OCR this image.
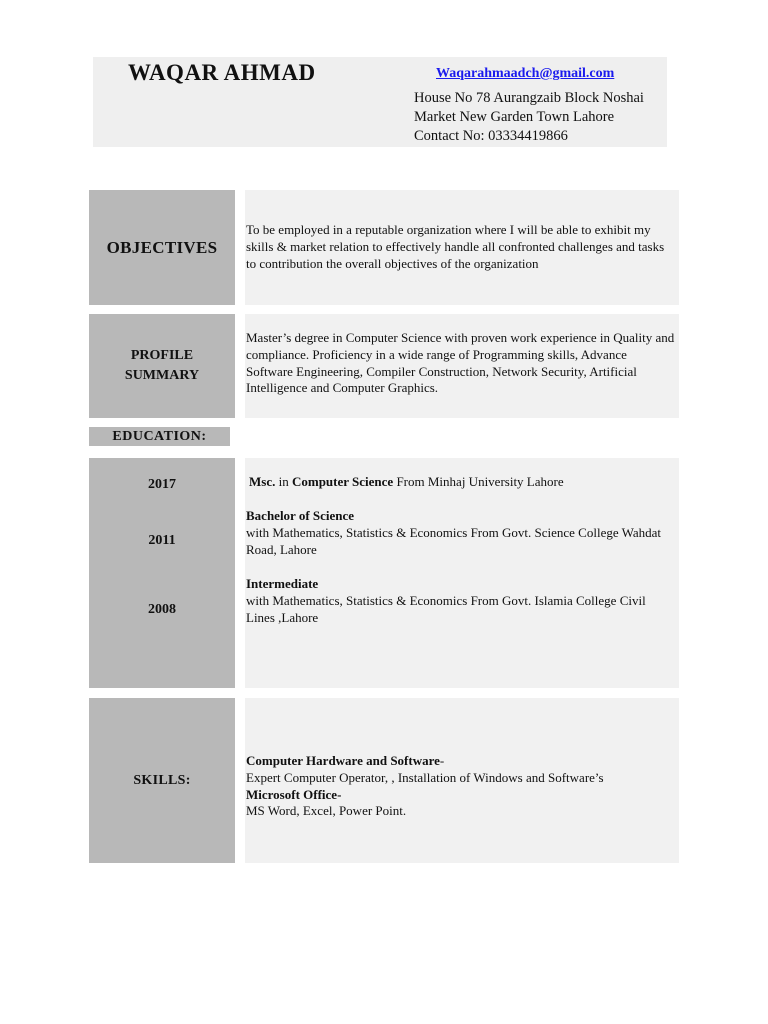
WAQAR AHMAD	Waqarahmaadch@gmail.com
House No 78 Aurangzaib Block Noshai
Market New Garden Town Lahore
Contact No: 03334419866
OBJECTIVES
To be employed in a reputable organization where I will be able to exhibit my skills & market relation to effectively handle all confronted challenges and tasks to contribution the overall objectives of the organization
PROFILE
SUMMARY
Master’s degree in Computer Science with proven work experience in Quality and compliance. Proficiency in a wide range of Programming skills, Advance Software Engineering, Compiler Construction, Network Security, Artificial Intelligence and Computer Graphics.
EDUCATION:
2017
2011
2008
Msc. in Computer Science From Minhaj University Lahore
Bachelor of Science
with Mathematics, Statistics & Economics From Govt. Science College Wahdat Road, Lahore
Intermediate
with Mathematics, Statistics & Economics From Govt. Islamia College Civil Lines ,Lahore
SKILLS:
Computer Hardware and Software-
Expert Computer Operator, , Installation of Windows and Software’s
Microsoft Office-
MS Word, Excel, Power Point.
